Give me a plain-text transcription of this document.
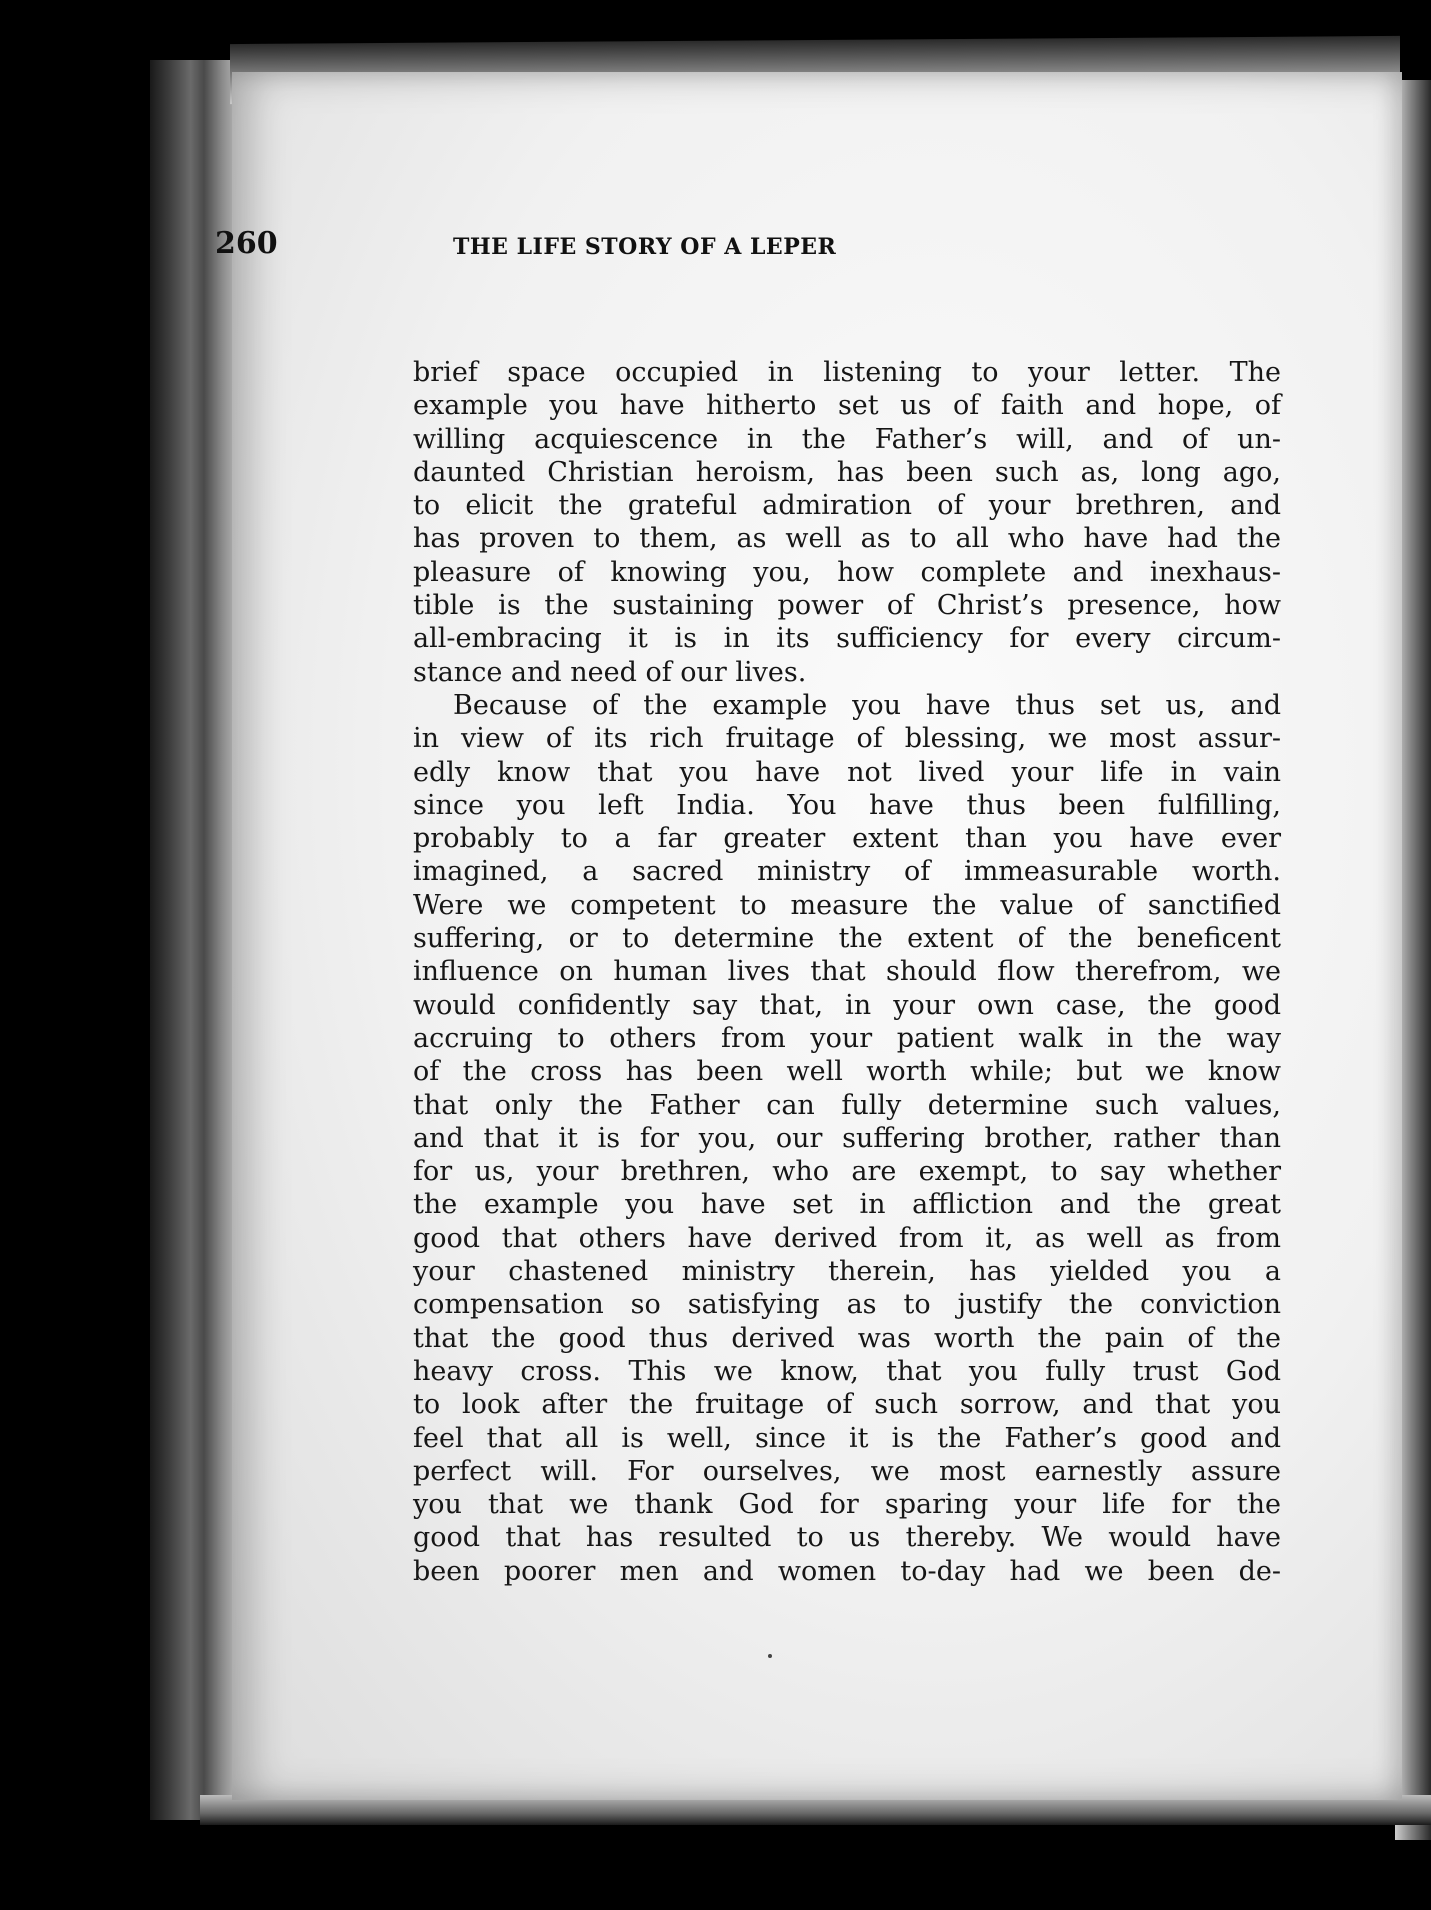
260	THE LIFE STORY OF A LEPER
brief space occupied in listening to your letter. The
example you have hitherto set us of faith and hope, of
willing acquiescence in the Father’s will, and of un-
daunted Christian heroism, has been such as, long ago,
to elicit the grateful admiration of your brethren, and
has proven to them, as well as to all who have had the
pleasure of knowing you, how complete and inexhaus-
tible is the sustaining power of Christ’s presence, how
all-embracing it is in its sufficiency for every circum-
stance and need of our lives.
Because of the example you have thus set us, and
in view of its rich fruitage of blessing, we most assur-
edly know that you have not lived your life in vain
since you left India. You have thus been fulfilling,
probably to a far greater extent than you have ever
imagined, a sacred ministry of immeasurable worth.
Were we competent to measure the value of sanctified
suffering, or to determine the extent of the beneficent
influence on human lives that should flow therefrom, we
would confidently say that, in your own case, the good
accruing to others from your patient walk in the way
of the cross has been well worth while; but we know
that only the Father can fully determine such values,
and that it is for you, our suffering brother, rather than
for us, your brethren, who are exempt, to say whether
the example you have set in affliction and the great
good that others have derived from it, as well as from
your chastened ministry therein, has yielded you a
compensation so satisfying as to justify the conviction
that the good thus derived was worth the pain of the
heavy cross. This we know, that you fully trust God
to look after the fruitage of such sorrow, and that you
feel that all is well, since it is the Father’s good and
perfect will. For ourselves, we most earnestly assure
you that we thank God for sparing your life for the
good that has resulted to us thereby. We would have
been poorer men and women to-day had we been de-
